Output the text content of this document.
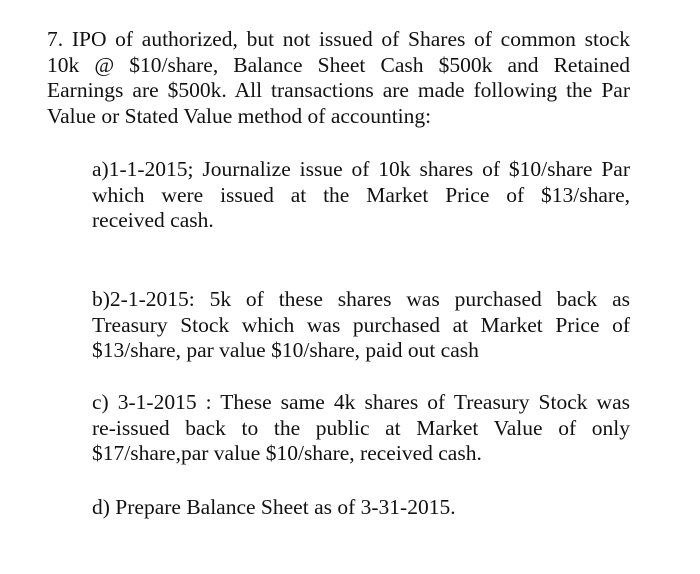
7. IPO of authorized, but not issued of Shares of common stock
10k @ $10/share, Balance Sheet Cash $500k and Retained
Earnings are $500k. All transactions are made following the Par
Value or Stated Value method of accounting:
a)1-1-2015; Journalize issue of 10k shares of $10/share Par
which were issued at the Market Price of $13/share,
received cash.
b)2-1-2015: 5k of these shares was purchased back as
Treasury Stock which was purchased at Market Price of
$13/share, par value $10/share, paid out cash
c) 3-1-2015 : These same 4k shares of Treasury Stock was
re-issued back to the public at Market Value of only
$17/share,par value $10/share, received cash.
d) Prepare Balance Sheet as of 3-31-2015.
